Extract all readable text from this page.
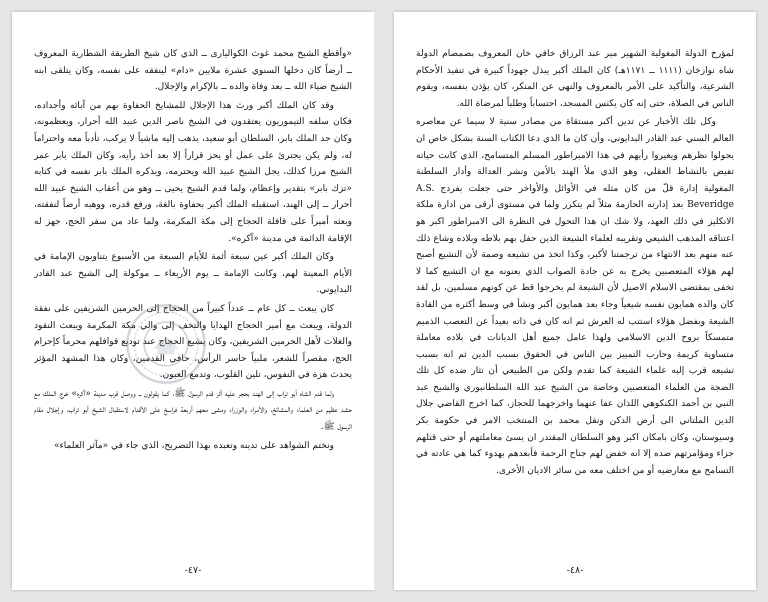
«وأقطع الشيخ محمد غوث الكواليارى ــ الذي كان شيخ الطريقة الشطارية المعروف ــ أرضاً كان دخلها السنوي عشرة ملايين «دام» لينفقه على نفسه، وكان يتلقى ابنه الشيخ ضياء الله ــ بعد وفاة والده ــ بالإكرام والإجلال.

وقد كان الملك أكبر ورث هذا الإجلال للمشايخ الحفاوة بهم من آبائه وأجداده، فكان سلفه التيموريون يعتقدون في الشيخ ناصر الدين عبيد الله أحرار، ويعظمونه، وكان جد الملك بابر، السلطان أبو سعيد، يذهب إليه ماشياً لا يركب، تأدباً معه واحتراماً له، ولم يكن يجترئ على عمل أو يحز قراراً إلا بعد أخذ رأيه، وكان الملك بابر عمر الشيخ مرزا كذلك، يجل الشيخ عبيد الله ويحترمه، ويذكره الملك بابر نفسه في كتابه «تزك بابر» بتقدير وإعظام، ولما قدم الشيخ يحيى ــ وهو من أعقاب الشيخ عبيد الله أحرار ــ إلى الهند، استقبله الملك أكبر بحفاوة بالغة، ورفع قدره، ووهبه أرضاً لنفقته، وبعثه أميراً على قافلة الحجاج إلى مكة المكرمة، ولما عاد من سفر الحج، جهز له الإقامة الدائمة في مدينة «آكره».

وكان الملك أكبر عين سبعة أئمة للأيام السبعة من الأسبوع يتناوبون الإمامة في الأيام المعينة لهم، وكانت الإمامة ــ يوم الأربعاء ــ موكولة إلى الشيخ عبد القادر البدايوني.

كان يبعث ــ كل عام ــ عدداً كبيراً من الحجاج إلى الحرمين الشريفين على نفقة الدولة، ويبعث مع أمير الحجاج الهدايا والتحف إلى والي مكة المكرمة ويبعث النقود والغلات لأهل الحرمين الشريفين، وكان يشيع الحجاج عند توديع قوافلهم محرماً كإحرام الحج، مقصراً للشعر، ملبياً حاسر الرأس، حافي القدمين، وكان هذا المشهد المؤثر يحدث هزة في النفوس، تلين القلوب، وتدمع العيون.

ولما قدم الشاه أبو تراب إلى الهند بحجر عليه أثر قدم الرسول ﷺ، كما يقولون ــ ووصل قرب مدينة «آكره» خرج الملك مع حشد عظيم من العلماء والمشائخ، والأمراء والوزراء ومشى معهم أربعة فراسخ على الأقدام لاستقبال الشيخ أبو تراب، وإجلال مقام الرسول ﷺ.

ونختم الشواهد على تدينه وتعبده بهذا التصريح، الذي جاء في «مآثر العلماء»

-٤٧-

لمؤرخ الدولة المغولية الشهير مير عبد الرزاق خافي خان المعروف بصمصام الدولة شاه نوازخان (١١١١ ــ ١١٧١هـ) كان الملك أكبر يبذل جهوداً كبيرة في تنفيذ الأحكام الشرعية، والتأكيد على الأمر بالمعروف والنهي عن المنكر، كان يؤذن بنفسه، ويقوم الناس في الصلاة، حتى إنه كان يكنس المسجد، احتساباً وطلباً لمرضاة الله.

وكل تلك الأخبار عن تدين أكبر مستقاة من مصادر سنية لا سيما عن معاصره العالم السني عبد القادر البدايوني، وأن كان ما الذي دعا الكتاب السنة بشكل خاص ان يحولوا نظرهم ويغيروا رأيهم في هذا الامبراطور المسلم المتسامح، الذي كانت حياته تفيض بالنشاط العقلي، وهو الذي ملأ الهند بالأمن ونشر العدالة وأدار السلطنة المغولية إدارة قلّ من كان مثله في الأوائل والأواخر حتى جعلت بفردج A.S. Beveridge بعد إدارته الحازمة مثلاً لم يتكرر ولما في مستوى أرقى من ادارة ملكة الانكليز في ذلك العهد، ولا شك ان هذا التحول في النظرة الى الامبراطور اكبر هو اعتناقه المذهب الشيعي وتقريبه لعلماء الشيعة الذين حفل بهم بلاطه وبلاده وشاع ذلك عنه منهم بعد الانتهاء من ترجمتنا لأكبر، وكذا اتخذ من تشيعه وصمة لأن التشيع أصبح لهم هؤلاء المتعصبين يخرج به عن جادة الصواب الذي يعنونه مع ان التشيع كما لا تخفى بمقتضى الاسلام الاصيل لأن الشيعة لم يخرجوا قط عن كونهم مسلمين، بل لقد كان والده همايون نفسه شيعياً وجاء بعد همايون أكبر ونشأ في وسط أكثره من القادة الشيعة وبفضل هؤلاء استتب له العرش ثم انه كان في ذاته بعيداً عن التعصب الذميم متمسكاً بروح الدين الاسلامي ولهذا عامل جميع أهل الديانات في بلاده معاملة متساوية كريمة وحارب التمييز بين الناس في الحقوق بسبب الدين ثم انه بسبب تشيعه قرب إليه علماء الشيعة كما تقدم ولكن من الطبيعي أن تثار ضده كل تلك الضجة من العلماء المتعصبين وخاصة من الشيخ عبد الله السلطانبوري والشيخ عبد النبي بن أحمد الكنكوهي اللذان عفا عنهما واخرجهما للحجاز، كما اخرج القاضي جلال الدين الملتاني الى أرض الدكن ونقل محمد بن المنتخب الامر في حكومة بكر وسيوستان، وكان بامكان اكبر وهو السلطان المقتدر ان يسئ معاملتهم أو حتى قتلهم جزاء ومؤامرتهم ضده إلا انه خفض لهم جناح الرحمة فأبعدهم بهدوء كما هي عادته في التسامح مع معارضيه أو من اختلف معه من سائر الاديان الأخرى.

-٤٨-
